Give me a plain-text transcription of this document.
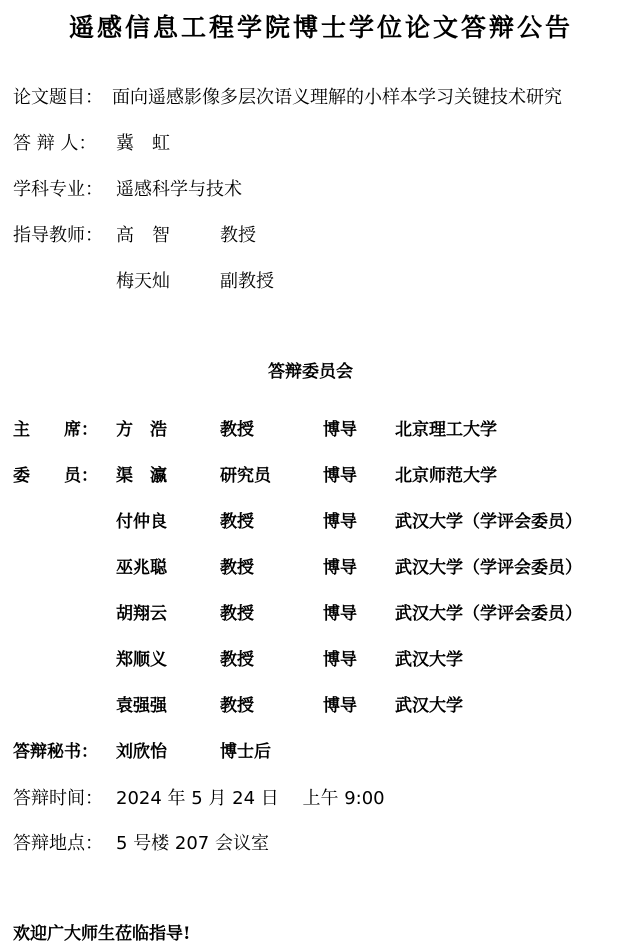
遥感信息工程学院博士学位论文答辩公告
论文题目： 面向遥感影像多层次语义理解的小样本学习关键技术研究
答 辩 人： 冀　虹
学科专业： 遥感科学与技术
指导教师： 高　智	教授
梅天灿	副教授
答辩委员会
主　　席： 方　浩	教授	博导 北京理工大学
委　　员： 渠　瀛	研究员	博导 北京师范大学
付仲良	教授	博导 武汉大学（学评会委员）
巫兆聪	教授	博导 武汉大学（学评会委员）
胡翔云	教授	博导 武汉大学（学评会委员）
郑顺义	教授	博导 武汉大学
袁强强	教授	博导 武汉大学
答辩秘书： 刘欣怡	博士后
答辩时间： 2024 年 5 月 24 日　 上午 9:00
答辩地点： 5 号楼 207 会议室
欢迎广大师生莅临指导!
